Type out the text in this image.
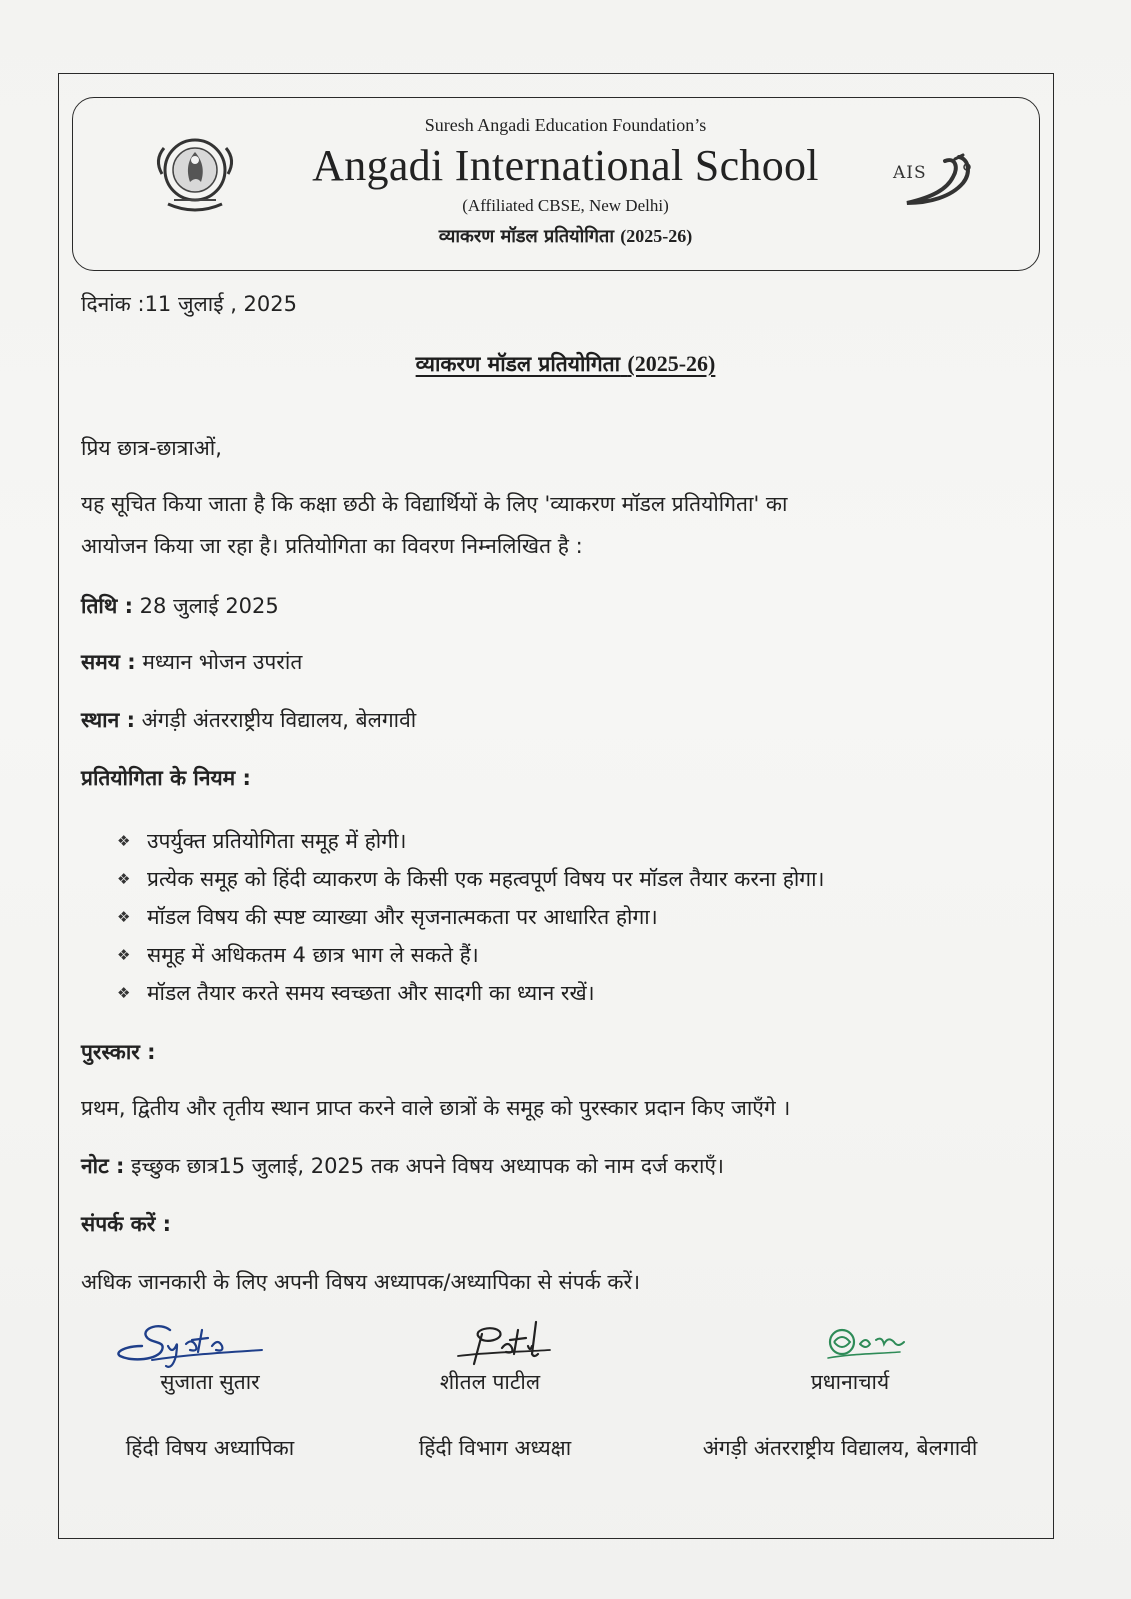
AIS
Suresh Angadi Education Foundation’s
Angadi International School
(Affiliated CBSE, New Delhi)
व्याकरण मॉडल प्रतियोगिता (2025-26)
दिनांक :11 जुलाई , 2025
व्याकरण मॉडल प्रतियोगिता (2025-26)
प्रिय छात्र-छात्राओं,
यह सूचित किया जाता है कि कक्षा छठी के विद्यार्थियों के लिए 'व्याकरण मॉडल प्रतियोगिता' का
आयोजन किया जा रहा है। प्रतियोगिता का विवरण निम्नलिखित है :
तिथि : 28 जुलाई 2025
समय : मध्यान भोजन उपरांत
स्थान : अंगड़ी अंतरराष्ट्रीय विद्यालय, बेलगावी
प्रतियोगिता के नियम :
❖ उपर्युक्त प्रतियोगिता समूह में होगी।
❖ प्रत्येक समूह को हिंदी व्याकरण के किसी एक महत्वपूर्ण विषय पर मॉडल तैयार करना होगा।
❖ मॉडल विषय की स्पष्ट व्याख्या और सृजनात्मकता पर आधारित होगा।
❖ समूह में अधिकतम 4 छात्र भाग ले सकते हैं।
❖ मॉडल तैयार करते समय स्वच्छता और सादगी का ध्यान रखें।
पुरस्कार :
प्रथम, द्वितीय और तृतीय स्थान प्राप्त करने वाले छात्रों के समूह को पुरस्कार प्रदान किए जाएँगे ।
नोट : इच्छुक छात्र15 जुलाई, 2025 तक अपने विषय अध्यापक को नाम दर्ज कराएँ।
संपर्क करें :
अधिक जानकारी के लिए अपनी विषय अध्यापक/अध्यापिका से संपर्क करें।
सुजाता सुतार	शीतल पाटील	प्रधानाचार्य
हिंदी विषय अध्यापिका	हिंदी विभाग अध्यक्षा	अंगड़ी अंतरराष्ट्रीय विद्यालय, बेलगावी
